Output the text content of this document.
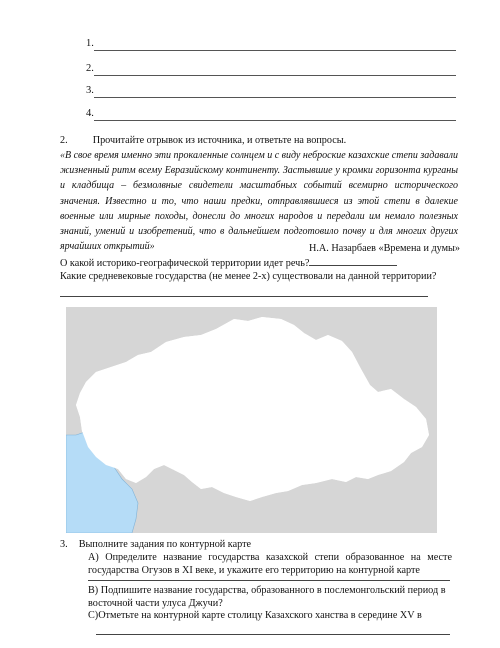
1.
2.
3.
4.
2. Прочитайте отрывок из источника, и ответьте на вопросы.
«В свое время именно эти прокаленные солнцем и с виду неброские казахские степи задавали жизненный ритм всему Евразийскому континенту. Застывшие у кромки горизонта курганы и кладбища – безмолвные свидетели масштабных событий всемирно исторического значения. Известно и то, что наши предки, отправлявшиеся из этой степи в далекие военные или мирные походы, донесли до многих народов и передали им немало полезных знаний, умений и изобретений, что в дальнейшем подготовило почву и для многих других ярчайших открытий»	Н.А. Назарбаев «Времена и думы»
О какой историко-географической территории идет речь?
Какие средневековые государства (не менее 2-х) существовали на данной территории?
3. Выполните задания по контурной карте
А) Определите название государства казахской степи образованное на месте государства Огузов в XI веке, и укажите его территорию на контурной карте
В) Подпишите название государства, образованного в послемонгольский период в восточной части улуса Джучи?
С)Отметьте на контурной карте столицу Казахского ханства в середине XV в
